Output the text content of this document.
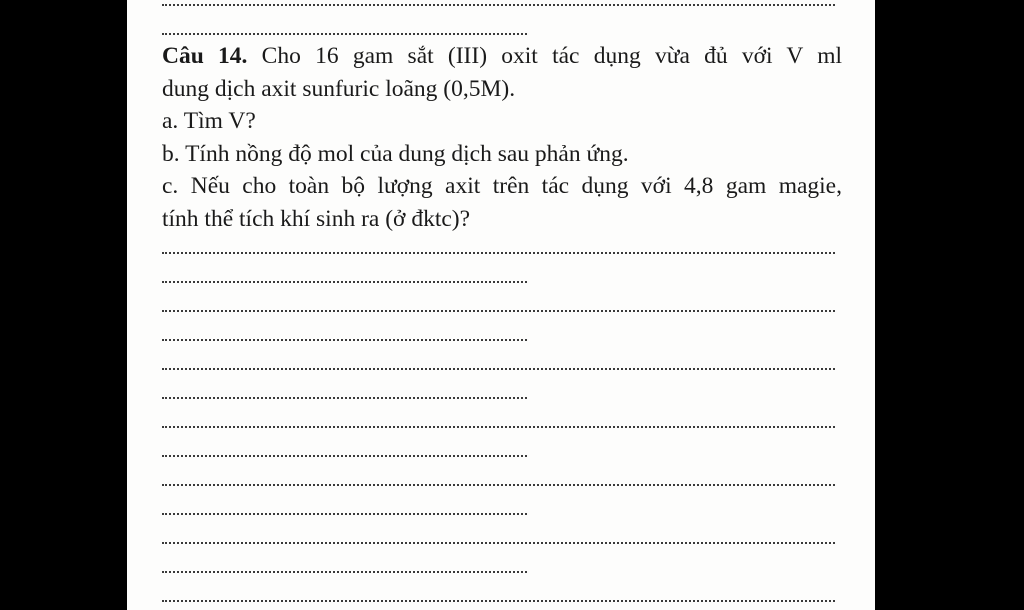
Câu 14. Cho 16 gam sắt (III) oxit tác dụng vừa đủ với V ml
dung dịch axit sunfuric loãng (0,5M).
a. Tìm V?
b. Tính nồng độ mol của dung dịch sau phản ứng.
c. Nếu cho toàn bộ lượng axit trên tác dụng với 4,8 gam magie,
tính thể tích khí sinh ra (ở đktc)?
